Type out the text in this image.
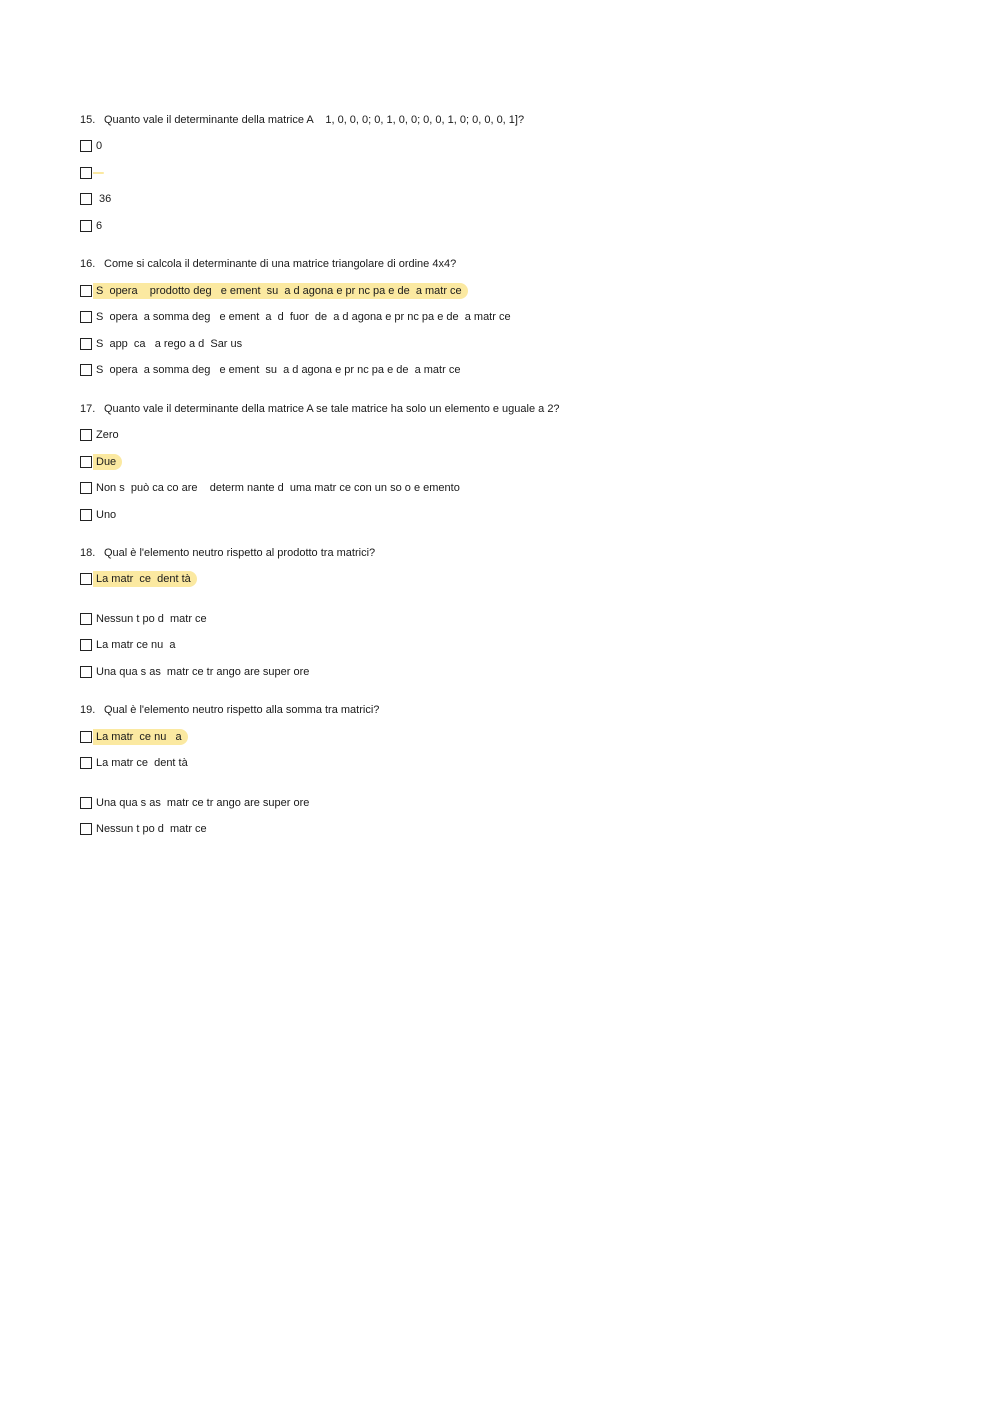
15. Quanto vale il determinante della matrice A    1, 0, 0, 0; 0, 1, 0, 0; 0, 0, 1, 0; 0, 0, 0, 1]?
0
36
6
16. Come si calcola il determinante di una matrice triangolare di ordine 4x4?
S  opera    prodotto deg   e ement  su  a d agona e pr nc pa e de  a matr ce
S  opera  a somma deg   e ement  a  d  fuor  de  a d agona e pr nc pa e de  a matr ce
S  app  ca   a rego a d  Sar us
S  opera  a somma deg   e ement  su  a d agona e pr nc pa e de  a matr ce
17. Quanto vale il determinante della matrice A se tale matrice ha solo un elemento e uguale a 2?
Zero
Due
Non s  può ca co are    determ nante d  uma matr ce con un so o e emento
Uno
18. Qual è l'elemento neutro rispetto al prodotto tra matrici?
La matr  ce  dent tà
Nessun t po d  matr ce
La matr ce nu  a
Una qua s as  matr ce tr ango are super ore
19. Qual è l'elemento neutro rispetto alla somma tra matrici?
La matr  ce nu   a
La matr ce  dent tà
Una qua s as  matr ce tr ango are super ore
Nessun t po d  matr ce
